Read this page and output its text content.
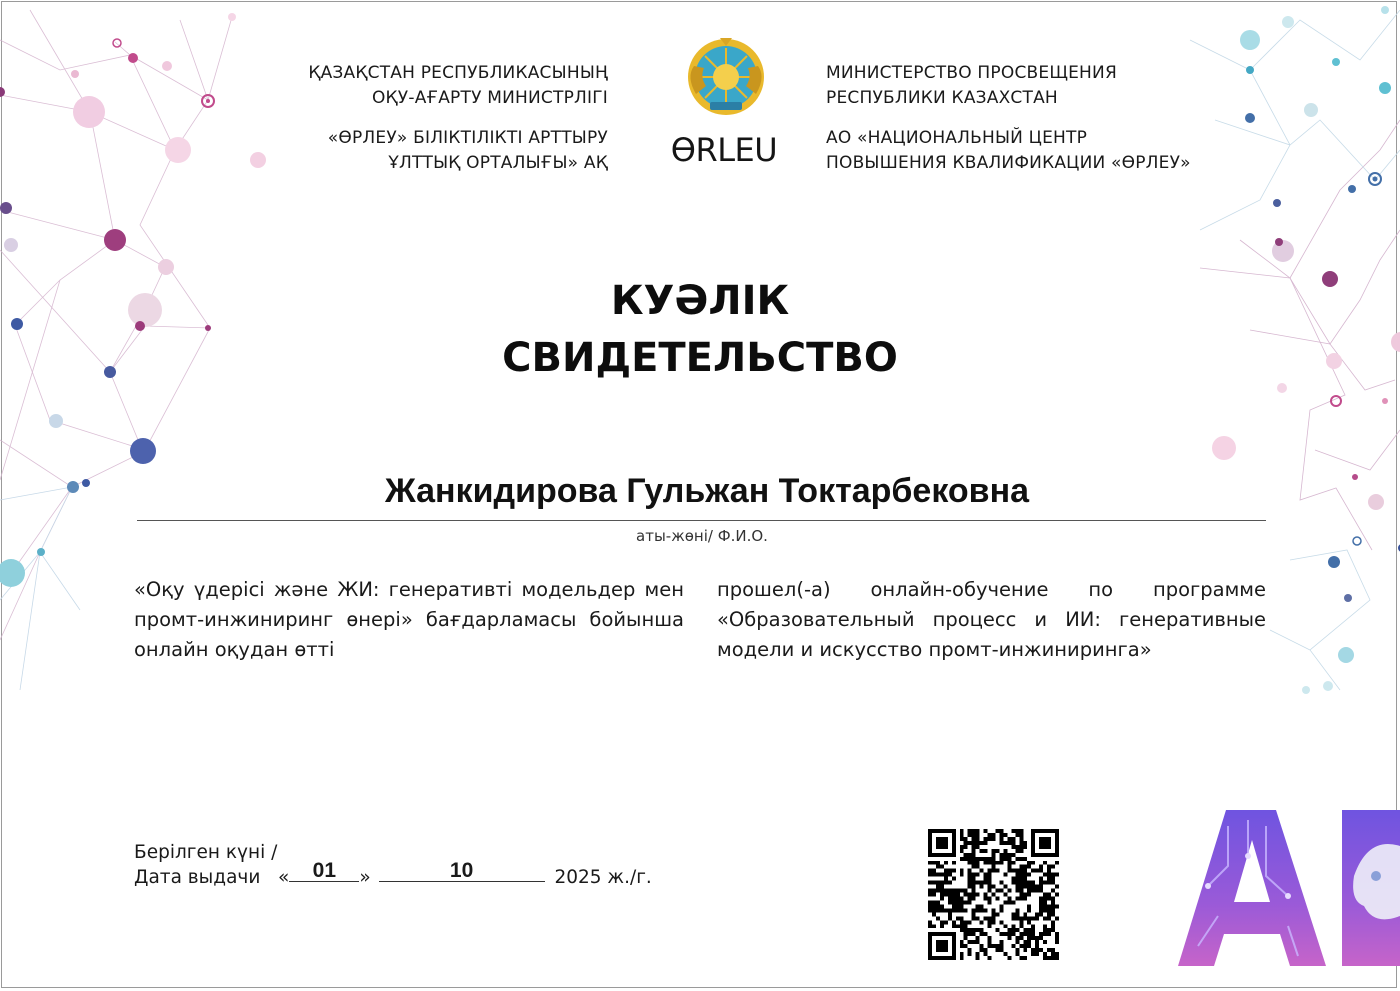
ҚАЗАҚСТАН РЕСПУБЛИКАСЫНЫҢ
ОҚУ-АҒАРТУ МИНИСТРЛІГІ
«ӨРЛЕУ» БІЛІКТІЛІКТІ АРТТЫРУ
ҰЛТТЫҚ ОРТАЛЫҒЫ» АҚ
МИНИСТЕРСТВО ПРОСВЕЩЕНИЯ
РЕСПУБЛИКИ КАЗАХСТАН
АО «НАЦИОНАЛЬНЫЙ ЦЕНТР
ПОВЫШЕНИЯ КВАЛИФИКАЦИИ «ӨРЛЕУ»
ӨRLEU
КУӘЛІК
СВИДЕТЕЛЬСТВО
Жанкидирова Гульжан Токтарбековна
аты-жөні/ Ф.И.О.
«Оқу үдерісі және ЖИ: генеративті модельдер мен промт-инжиниринг өнері» бағдарламасы бойынша онлайн оқудан өтті
прошел(-а) онлайн-обучение по программе «Образовательный процесс и ИИ: генеративные модели и искусство промт-инжиниринга»
Берілген күні /
Дата выдачи « 01 »	10	2025 ж./г.
